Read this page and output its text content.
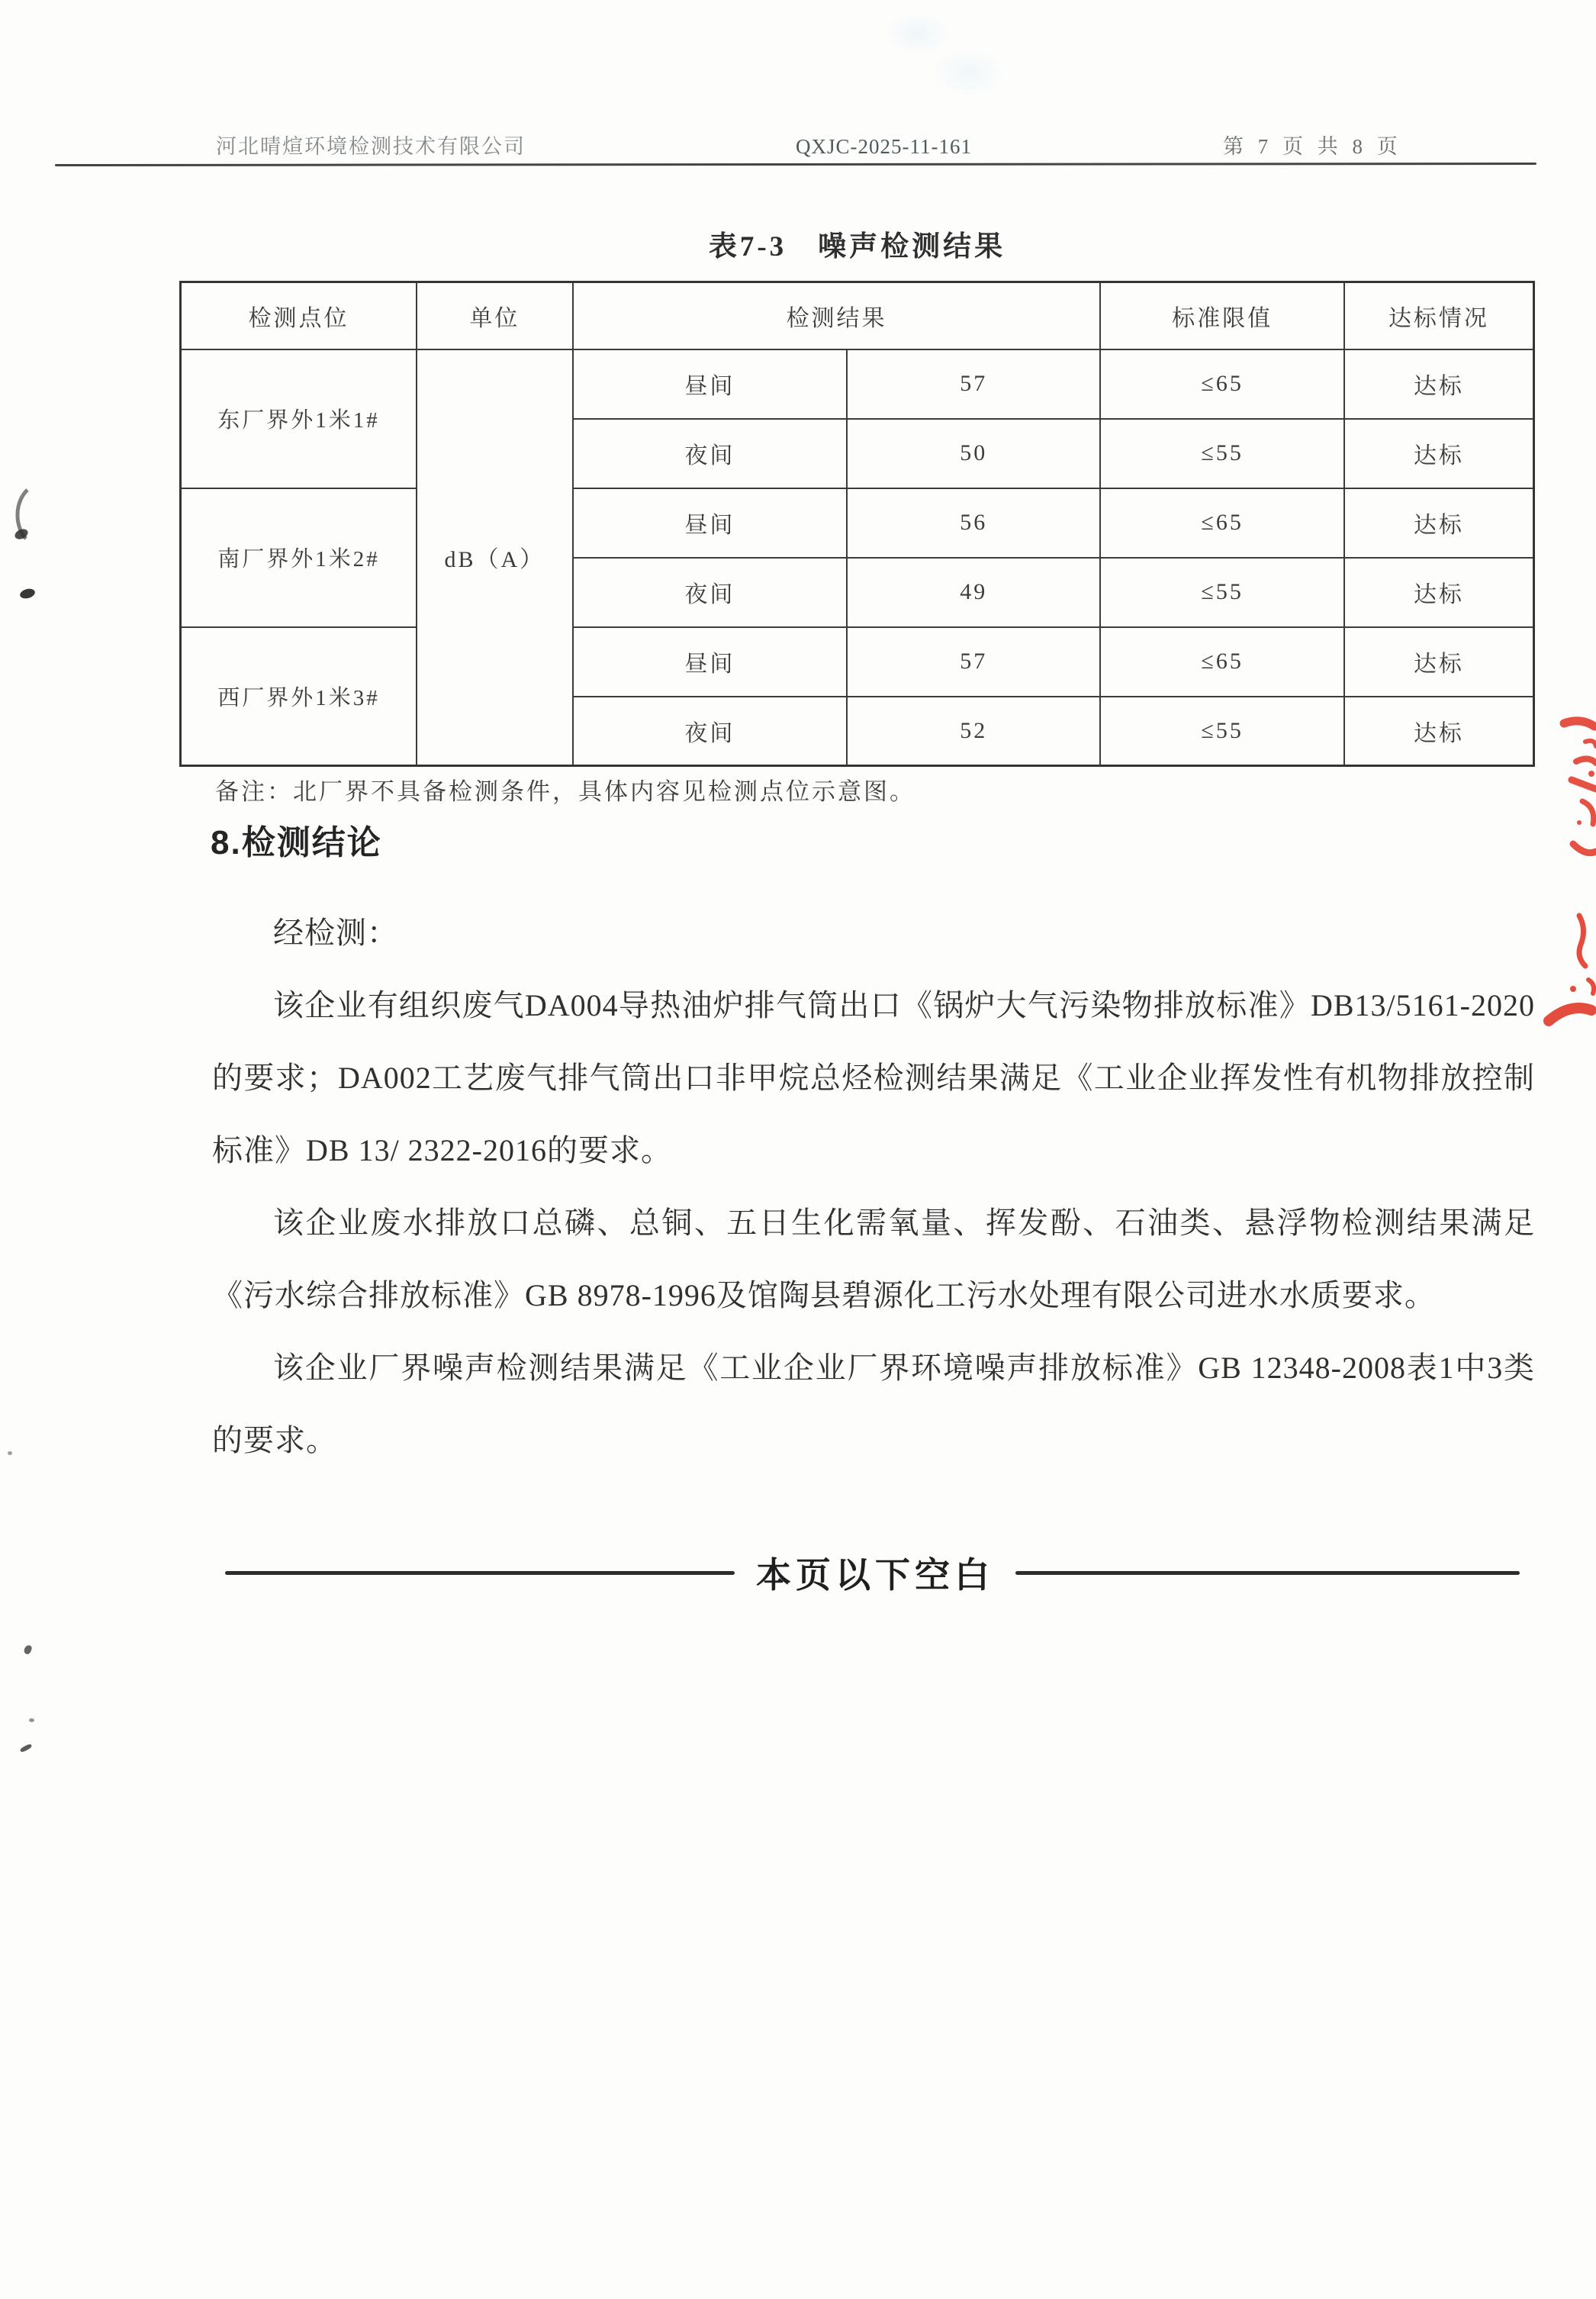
河北晴煊环境检测技术有限公司	QXJC-2025-11-161	第 7 页 共 8 页
表7-3　噪声检测结果
检测点位	单位	检测结果		标准限值	达标情况
东厂界外1米1#	dB（A）	昼间	57	≤65	达标
		夜间	50	≤55	达标
南厂界外1米2#		昼间	56	≤65	达标
		夜间	49	≤55	达标
西厂界外1米3#		昼间	57	≤65	达标
		夜间	52	≤55	达标
备注：北厂界不具备检测条件，具体内容见检测点位示意图。
8.检测结论

经检测：

该企业有组织废气DA004导热油炉排气筒出口《锅炉大气污染物排放标准》DB13/5161-2020的要求；DA002工艺废气排气筒出口非甲烷总烃检测结果满足《工业企业挥发性有机物排放控制标准》DB 13/ 2322-2016的要求。

该企业废水排放口总磷、总铜、五日生化需氧量、挥发酚、石油类、悬浮物检测结果满足《污水综合排放标准》GB 8978-1996及馆陶县碧源化工污水处理有限公司进水水质要求。

该企业厂界噪声检测结果满足《工业企业厂界环境噪声排放标准》GB 12348-2008表1中3类的要求。

本页以下空白
